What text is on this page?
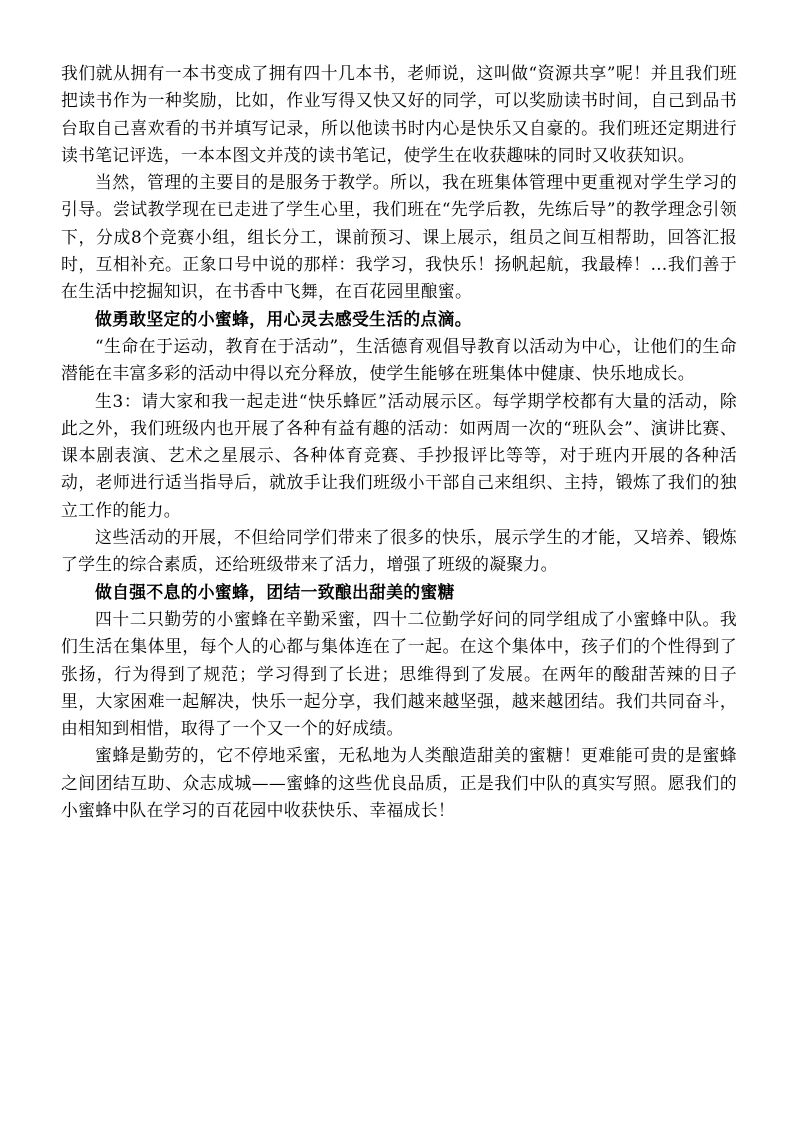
我们就从拥有一本书变成了拥有四十几本书，老师说，这叫做“资源共享”呢！并且我们班把读书作为一种奖励，比如，作业写得又快又好的同学，可以奖励读书时间，自己到品书台取自己喜欢看的书并填写记录，所以他读书时内心是快乐又自豪的。我们班还定期进行读书笔记评选，一本本图文并茂的读书笔记，使学生在收获趣味的同时又收获知识。

当然，管理的主要目的是服务于教学。所以，我在班集体管理中更重视对学生学习的引导。尝试教学现在已走进了学生心里，我们班在“先学后教，先练后导”的教学理念引领下，分成8个竞赛小组，组长分工，课前预习、课上展示，组员之间互相帮助，回答汇报时，互相补充。正象口号中说的那样：我学习，我快乐！扬帆起航，我最棒！…我们善于在生活中挖掘知识，在书香中飞舞，在百花园里酿蜜。

做勇敢坚定的小蜜蜂，用心灵去感受生活的点滴。

“生命在于运动，教育在于活动”，生活德育观倡导教育以活动为中心，让他们的生命潜能在丰富多彩的活动中得以充分释放，使学生能够在班集体中健康、快乐地成长。

生3：请大家和我一起走进“快乐蜂匠”活动展示区。每学期学校都有大量的活动，除此之外，我们班级内也开展了各种有益有趣的活动：如两周一次的“班队会”、演讲比赛、课本剧表演、艺术之星展示、各种体育竞赛、手抄报评比等等，对于班内开展的各种活动，老师进行适当指导后，就放手让我们班级小干部自己来组织、主持，锻炼了我们的独立工作的能力。

这些活动的开展，不但给同学们带来了很多的快乐，展示学生的才能，又培养、锻炼了学生的综合素质，还给班级带来了活力，增强了班级的凝聚力。

做自强不息的小蜜蜂，团结一致酿出甜美的蜜糖

四十二只勤劳的小蜜蜂在辛勤采蜜，四十二位勤学好问的同学组成了小蜜蜂中队。我们生活在集体里，每个人的心都与集体连在了一起。在这个集体中，孩子们的个性得到了张扬，行为得到了规范；学习得到了长进；思维得到了发展。在两年的酸甜苦辣的日子里，大家困难一起解决，快乐一起分享，我们越来越坚强，越来越团结。我们共同奋斗，由相知到相惜，取得了一个又一个的好成绩。

蜜蜂是勤劳的，它不停地采蜜，无私地为人类酿造甜美的蜜糖！更难能可贵的是蜜蜂之间团结互助、众志成城——蜜蜂的这些优良品质，正是我们中队的真实写照。愿我们的小蜜蜂中队在学习的百花园中收获快乐、幸福成长！
